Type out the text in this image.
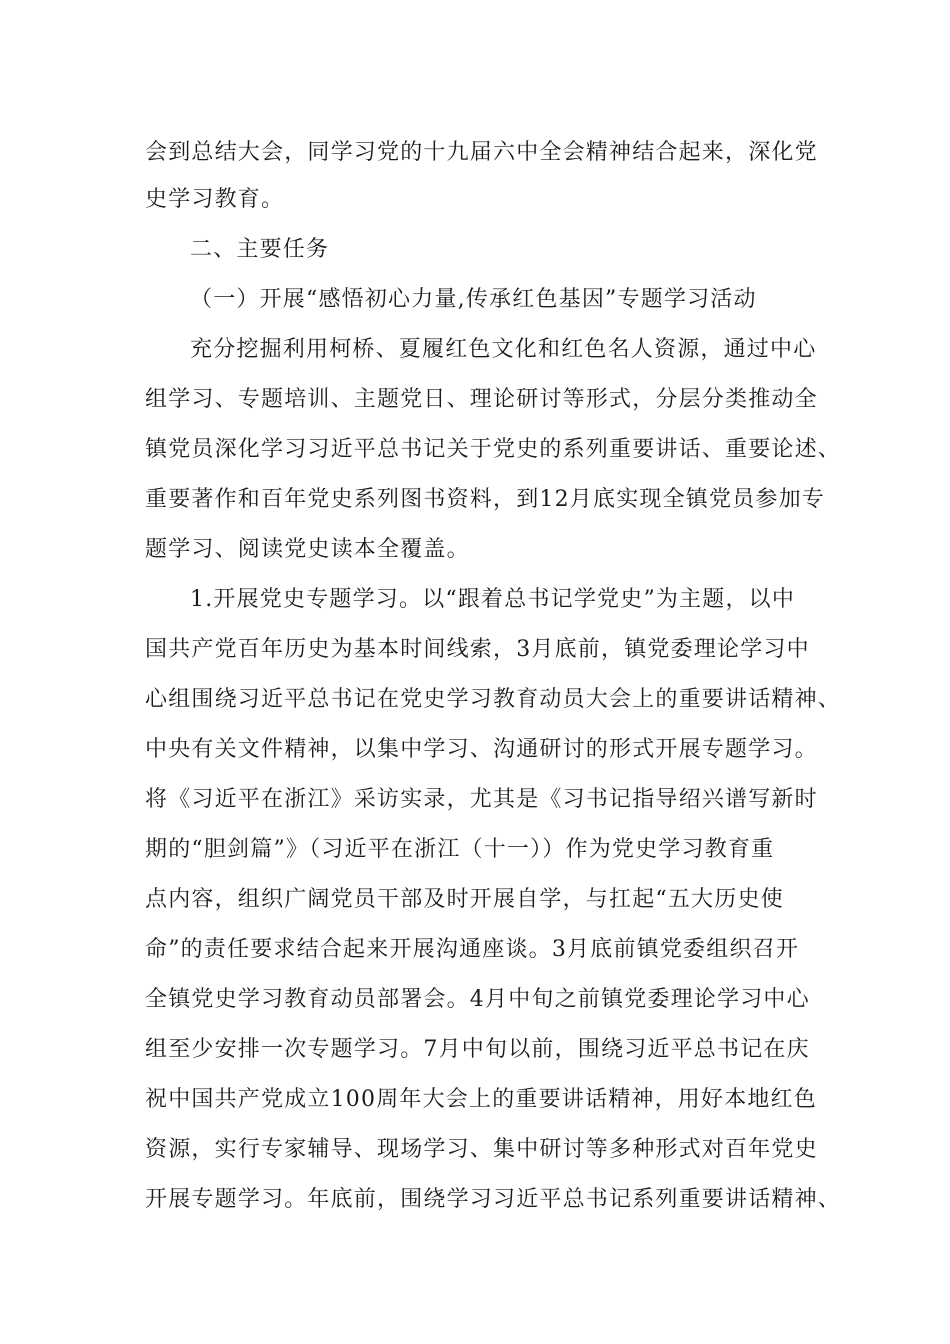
会到总结大会，同学习党的十九届六中全会精神结合起来，深化党
史学习教育。
二、主要任务
（一）开展“感悟初心力量,传承红色基因”专题学习活动
充分挖掘利用柯桥、夏履红色文化和红色名人资源，通过中心
组学习、专题培训、主题党日、理论研讨等形式，分层分类推动全
镇党员深化学习习近平总书记关于党史的系列重要讲话、重要论述、
重要著作和百年党史系列图书资料，到12月底实现全镇党员参加专
题学习、阅读党史读本全覆盖。
1.开展党史专题学习。以“跟着总书记学党史”为主题，以中
国共产党百年历史为基本时间线索，3月底前，镇党委理论学习中
心组围绕习近平总书记在党史学习教育动员大会上的重要讲话精神、
中央有关文件精神，以集中学习、沟通研讨的形式开展专题学习。
将《习近平在浙江》采访实录，尤其是《习书记指导绍兴谱写新时
期的“胆剑篇”》（习近平在浙江（十一））作为党史学习教育重
点内容，组织广阔党员干部及时开展自学，与扛起“五大历史使
命”的责任要求结合起来开展沟通座谈。3月底前镇党委组织召开
全镇党史学习教育动员部署会。4月中旬之前镇党委理论学习中心
组至少安排一次专题学习。7月中旬以前，围绕习近平总书记在庆
祝中国共产党成立100周年大会上的重要讲话精神，用好本地红色
资源，实行专家辅导、现场学习、集中研讨等多种形式对百年党史
开展专题学习。年底前，围绕学习习近平总书记系列重要讲话精神、
